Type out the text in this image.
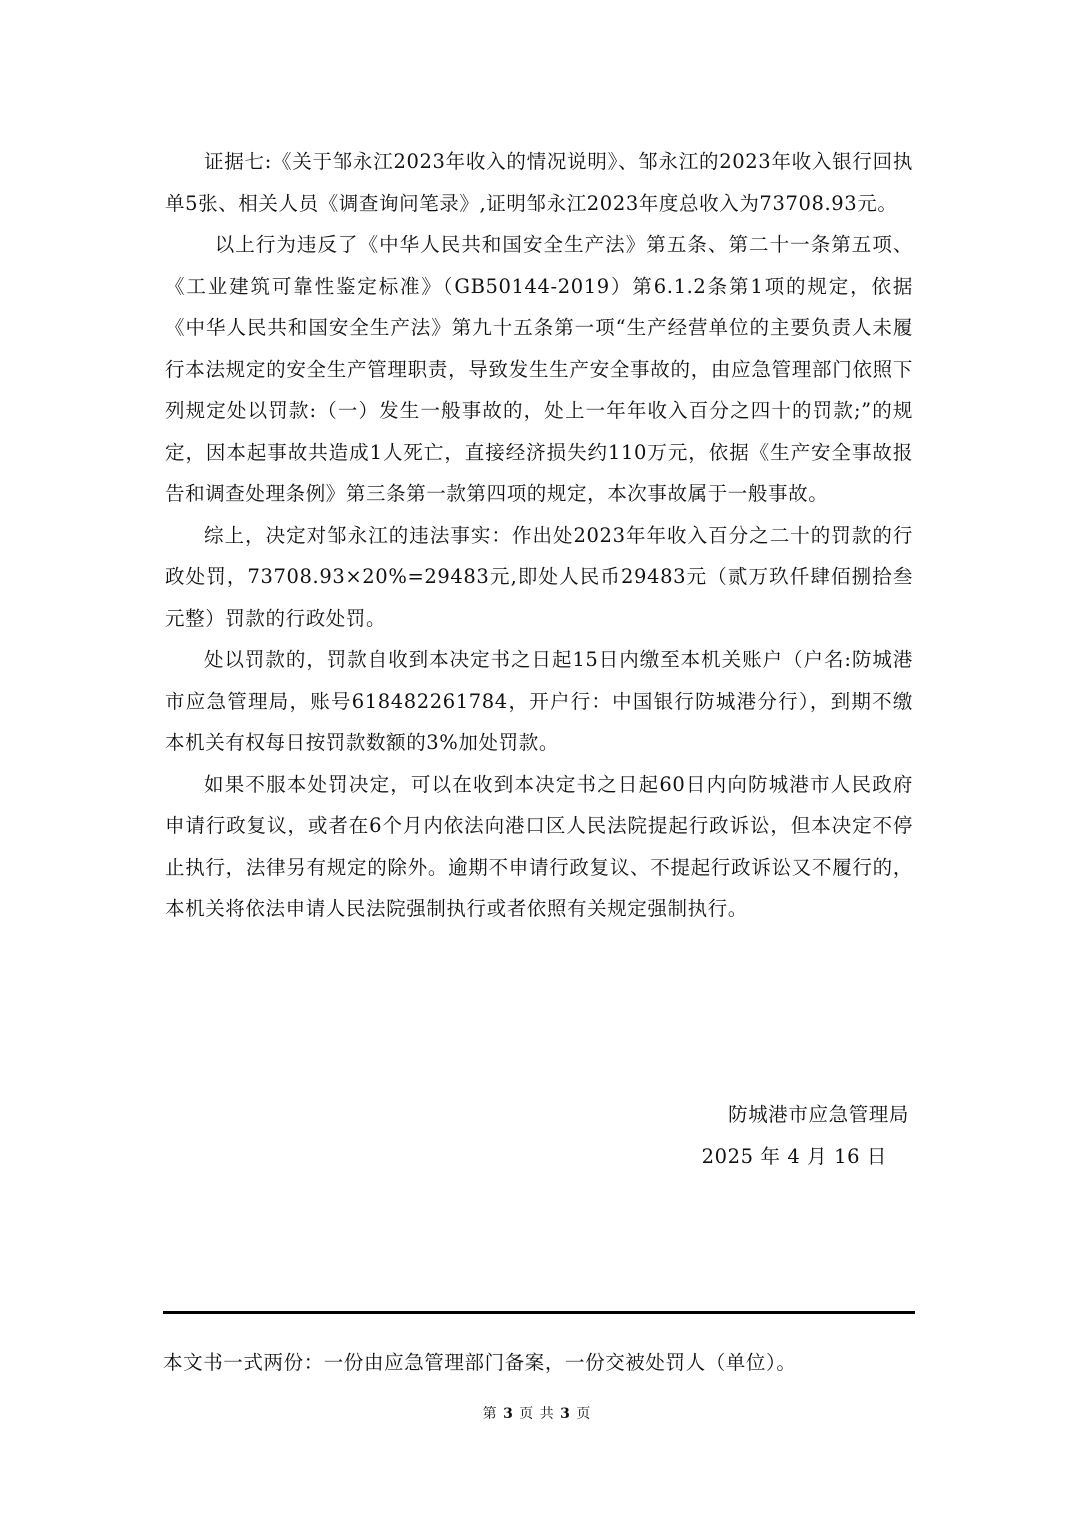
证据七:《关于邹永江2023年收入的情况说明》、邹永江的2023年收入银行回执单5张、相关人员《调查询问笔录》,证明邹永江2023年度总收入为73708.93元。

以上行为违反了《中华人民共和国安全生产法》第五条、第二十一条第五项、《工业建筑可靠性鉴定标准》（GB50144-2019）第6.1.2条第1项的规定，依据《中华人民共和国安全生产法》第九十五条第一项“生产经营单位的主要负责人未履行本法规定的安全生产管理职责，导致发生生产安全事故的，由应急管理部门依照下列规定处以罚款:（一）发生一般事故的，处上一年年收入百分之四十的罚款;”的规定，因本起事故共造成1人死亡，直接经济损失约110万元，依据《生产安全事故报告和调查处理条例》第三条第一款第四项的规定，本次事故属于一般事故。

综上，决定对邹永江的违法事实：作出处2023年年收入百分之二十的罚款的行政处罚，73708.93×20%=29483元,即处人民币29483元（贰万玖仟肆佰捌拾叁元整）罚款的行政处罚。

处以罚款的，罚款自收到本决定书之日起15日内缴至本机关账户（户名:防城港市应急管理局，账号618482261784，开户行：中国银行防城港分行），到期不缴本机关有权每日按罚款数额的3%加处罚款。

如果不服本处罚决定，可以在收到本决定书之日起60日内向防城港市人民政府申请行政复议，或者在6个月内依法向港口区人民法院提起行政诉讼，但本决定不停止执行，法律另有规定的除外。逾期不申请行政复议、不提起行政诉讼又不履行的，本机关将依法申请人民法院强制执行或者依照有关规定强制执行。

防城港市应急管理局
2025 年 4 月 16 日
本文书一式两份：一份由应急管理部门备案，一份交被处罚人（单位）。
第 3 页 共 3 页
